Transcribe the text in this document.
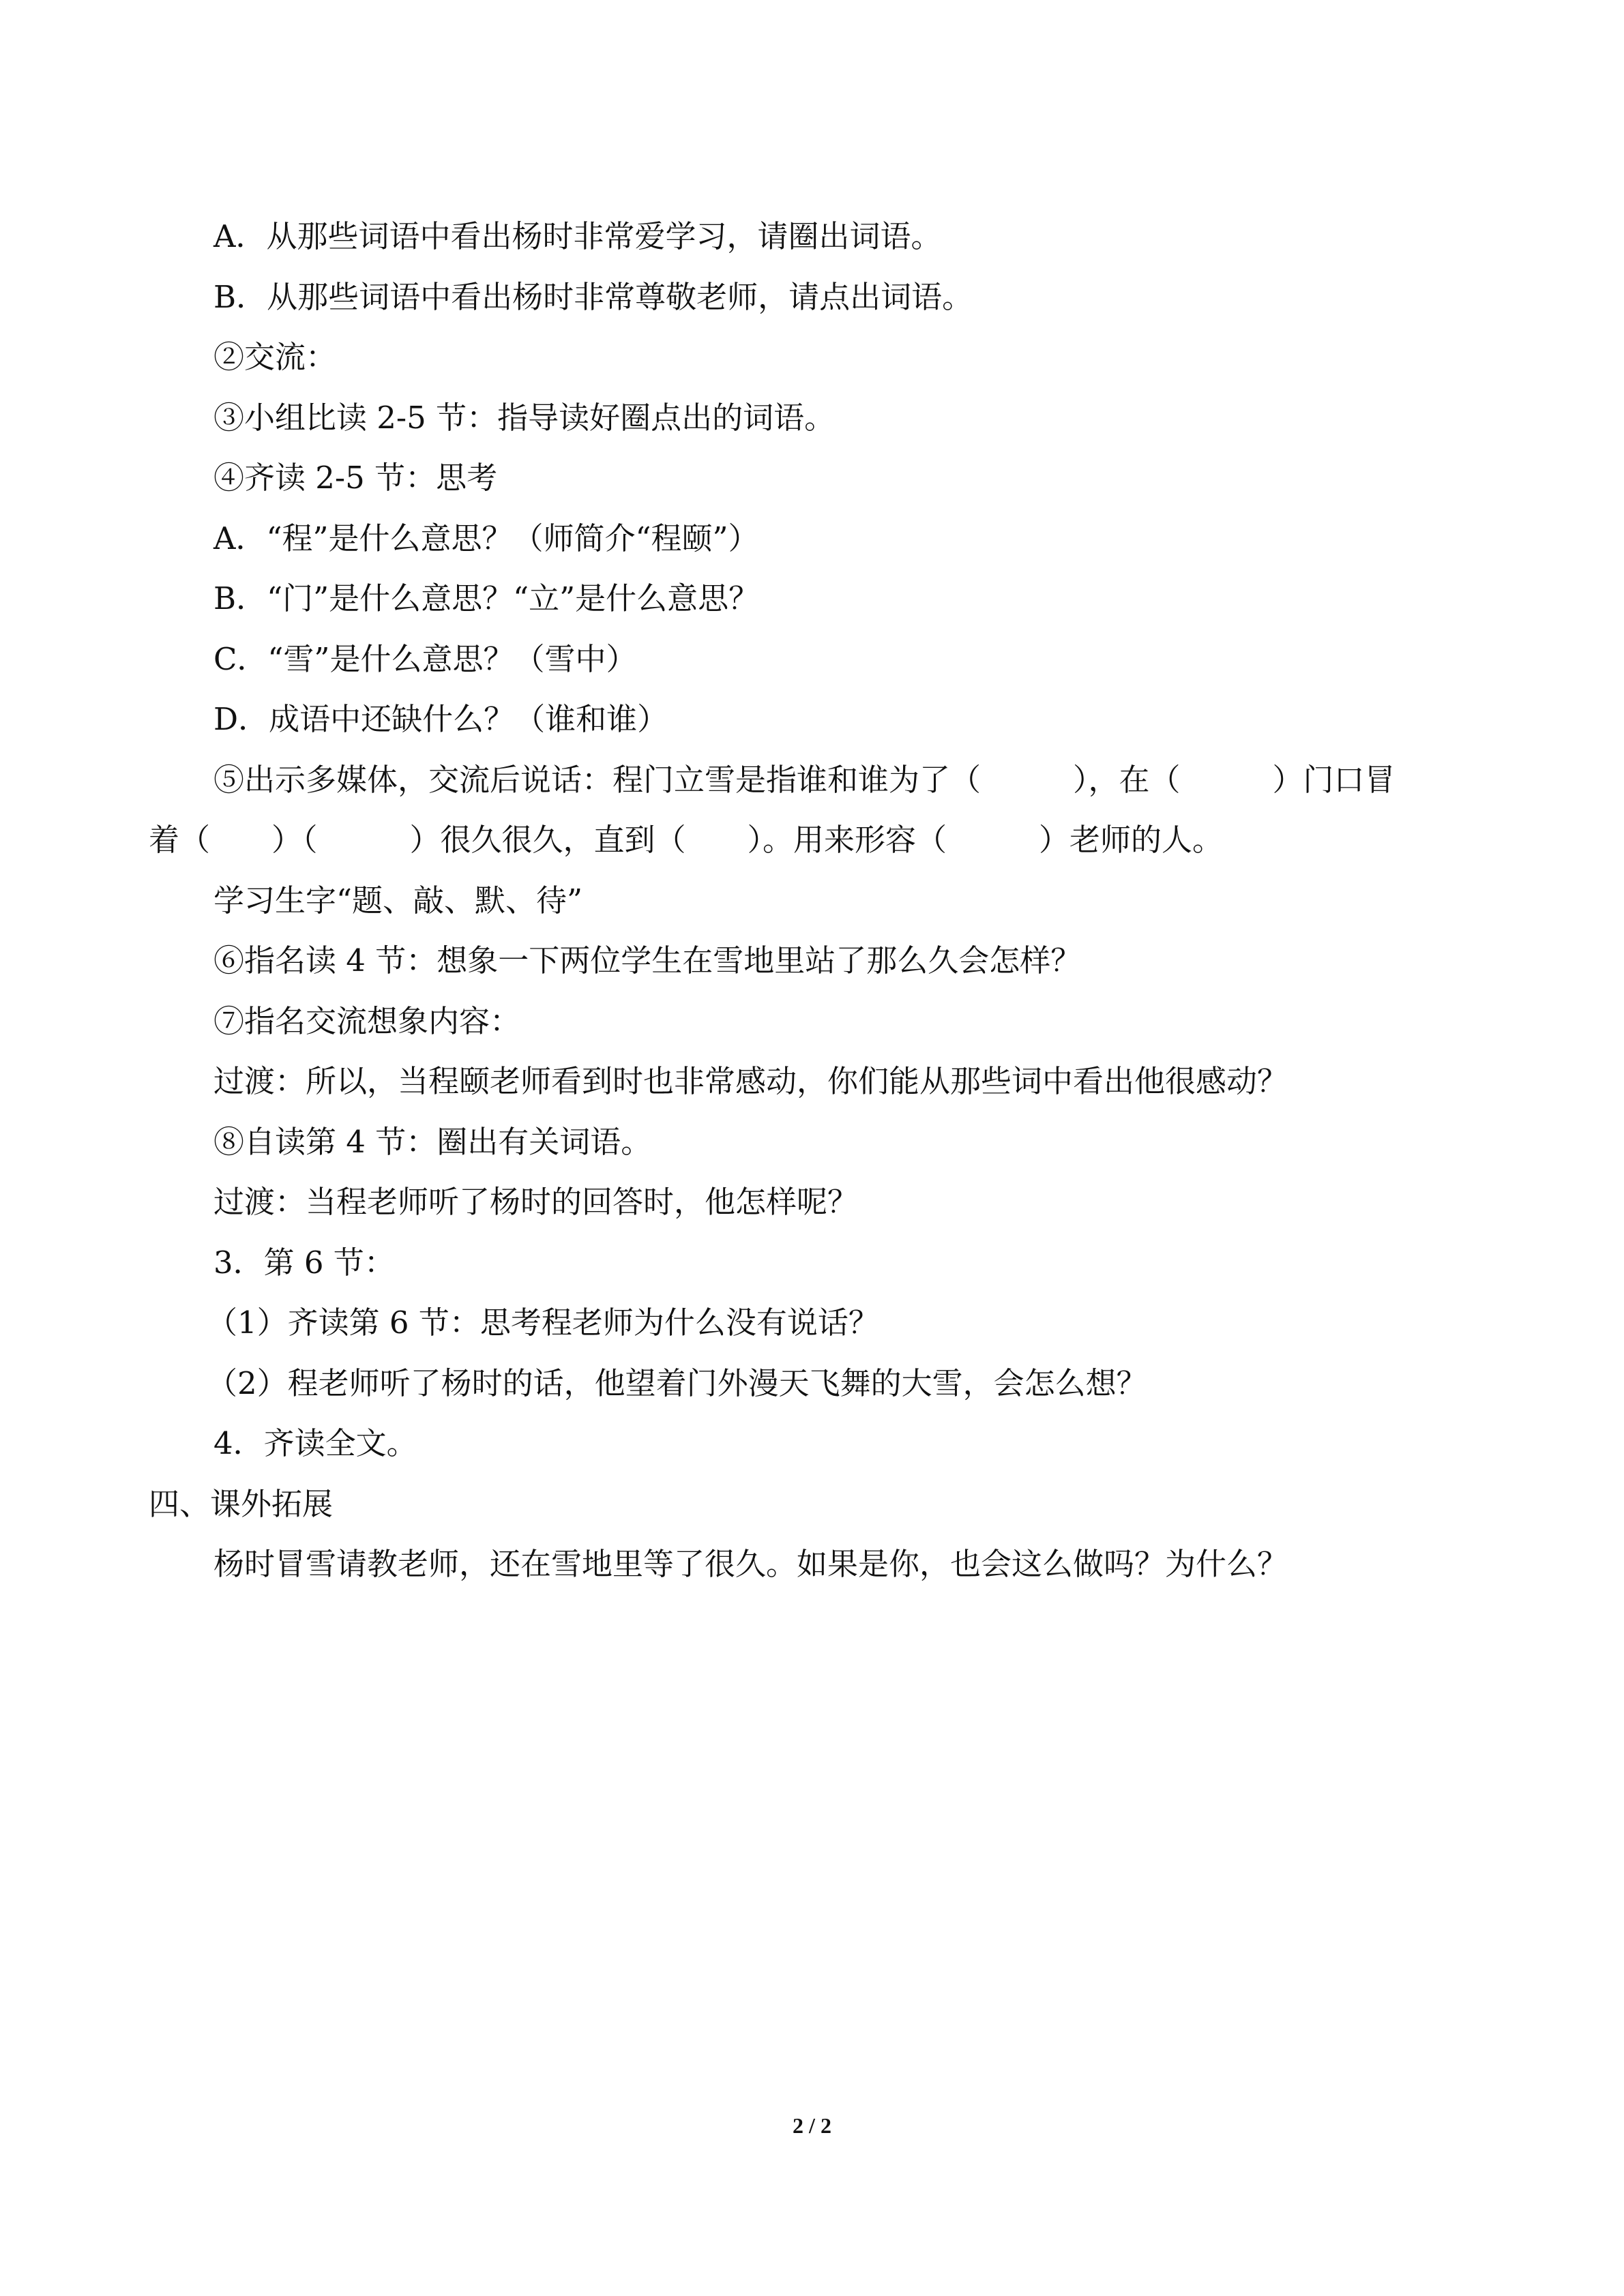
A．从那些词语中看出杨时非常爱学习，请圈出词语。

B．从那些词语中看出杨时非常尊敬老师，请点出词语。

②交流：

③小组比读 2-5 节：指导读好圈点出的词语。

④齐读 2-5 节：思考

A．“程”是什么意思？（师简介“程颐”）

B．“门”是什么意思？“立”是什么意思？

C．“雪”是什么意思？（雪中）

D．成语中还缺什么？（谁和谁）

⑤出示多媒体，交流后说话：程门立雪是指谁和谁为了（　　　），在（　　　）门口冒

着（　　）（　　　）很久很久，直到（　　）。用来形容（　　　）老师的人。

学习生字“题、敲、默、待”

⑥指名读 4 节：想象一下两位学生在雪地里站了那么久会怎样？

⑦指名交流想象内容：

过渡：所以，当程颐老师看到时也非常感动，你们能从那些词中看出他很感动？

⑧自读第 4 节：圈出有关词语。

过渡：当程老师听了杨时的回答时，他怎样呢？

3．第 6 节：

（1）齐读第 6 节：思考程老师为什么没有说话？

（2）程老师听了杨时的话，他望着门外漫天飞舞的大雪，会怎么想？

4．齐读全文。

四、课外拓展

杨时冒雪请教老师，还在雪地里等了很久。如果是你，也会这么做吗？为什么？

2 / 2
